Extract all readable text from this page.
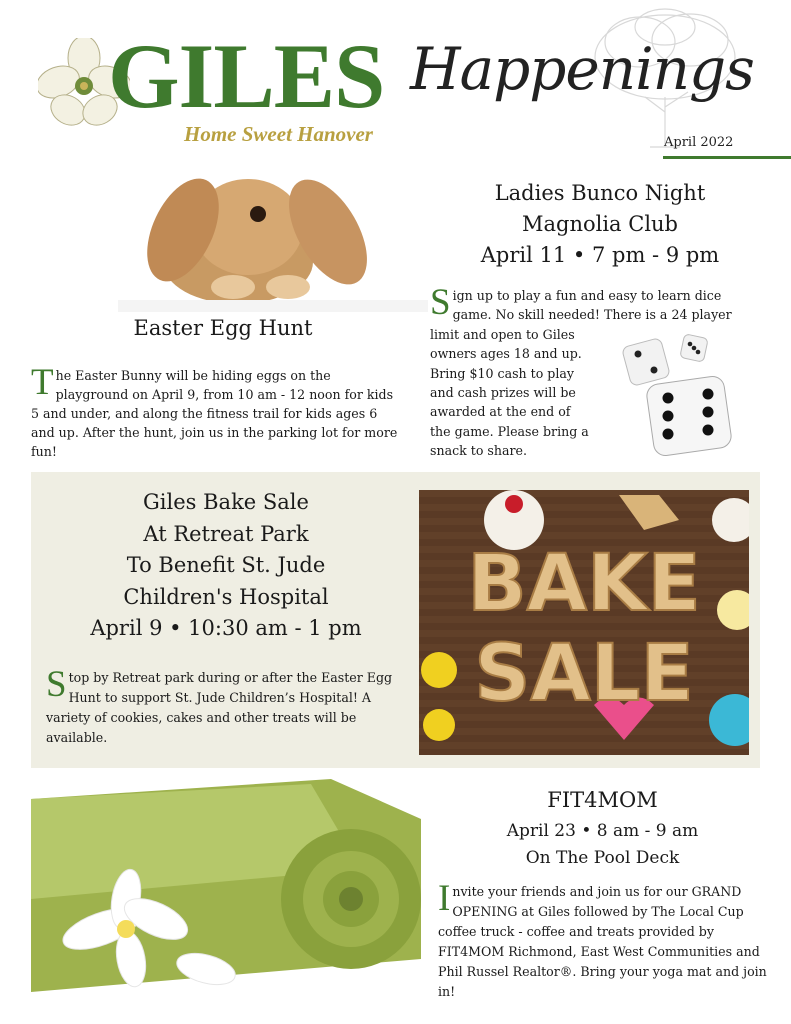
GILES Happenings
Home Sweet Hanover	April 2022
Easter Egg Hunt
The Easter Bunny will be hiding eggs on the playground on April 9, from 10 am - 12 noon for kids 5 and under, and along the fitness trail for kids ages 6 and up. After the hunt, join us in the parking lot for more fun!
Ladies Bunco Night
Magnolia Club
April 11 • 7 pm - 9 pm
Sign up to play a fun and easy to learn dice game. No skill needed! There is a 24 player
limit and open to Giles
owners ages 18 and up.
Bring $10 cash to play
and cash prizes will be
awarded at the end of
the game. Please bring a
snack to share.
Giles Bake Sale
At Retreat Park
To Benefit St. Jude
Children's Hospital
April 9 • 10:30 am - 1 pm
Stop by Retreat park during or after the Easter Egg Hunt to support St. Jude Children’s Hospital! A variety of cookies, cakes and other treats will be available.
BAKE
SALE
FIT4MOM
April 23 • 8 am - 9 am
On The Pool Deck
Invite your friends and join us for our GRAND OPENING at Giles followed by The Local Cup coffee truck - coffee and treats provided by FIT4MOM Richmond, East West Communities and Phil Russel Realtor®. Bring your yoga mat and join in!
